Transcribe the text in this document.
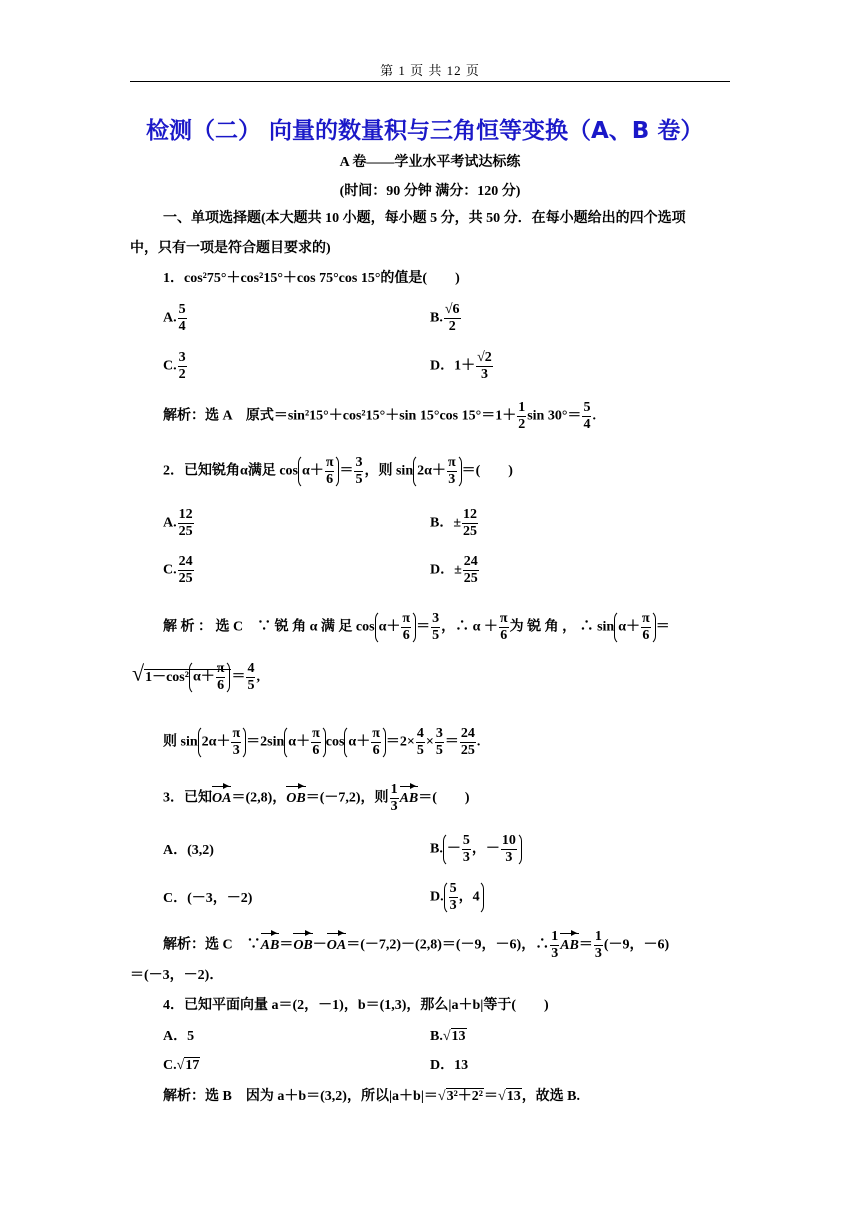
第 1 页 共 12 页
检测（二） 向量的数量积与三角恒等变换（A、B 卷）
A 卷——学业水平考试达标练
(时间：90 分钟 满分：120 分)
一、单项选择题(本大题共 10 小题，每小题 5 分，共 50 分．在每小题给出的四个选项
中，只有一项是符合题目要求的)
1．cos²75°＋cos²15°＋cos 75°cos 15°的值是(　　)
A. $\frac{5}{4}$	B. $\frac{√6}{2}$
C. $\frac{3}{2}$	D．$1+ \frac{√2}{3}$
解析：选 A　原式＝sin²15°＋cos²15°＋sin 15°cos $15^\circ=1+ \frac{1}{2}$ $\sin 30^\circ= \frac{5}{4}$ .
2．已知锐角α满足 $\cos \alpha+ \frac{\pi}{6} = \frac{3}{5}$ ，则 $\sin 2\alpha+ \frac{\pi}{3}$ ＝(　　)
A. $\frac{12}{25}$	B．± $\frac{12}{25}$
C. $\frac{24}{25}$	D．± $\frac{24}{25}$
解 析 ： 选 C　∵ 锐 角 α 满 足 $\cos \alpha+ \frac{\pi}{6} = \frac{3}{5}$ ，∴ $\alpha + \frac{\pi}{6}$ 为 锐 角 ， ∴ $\sin \alpha+ \frac{\pi}{6}$ ＝
√1－cos² $\alpha+ \frac{\pi}{6} = \frac{4}{5}$ ,
则 $\sin 2\alpha+ \frac{\pi}{3} =2\sin$ $\alpha+ \frac{\pi}{6}$ $\cos \alpha+ \frac{\pi}{6} =2\times \frac{4}{5} \times \frac{3}{5} = \frac{24}{25}$ .
3．已知OA＝(2,8)，OB＝(－7,2)，则 $\frac{1}{3} AB=$(　　)
A．(3,2)	B. － $\frac{5}{3}$ ，－ $\frac{10}{3}$
C．(－3，－2)	D. $\frac{5}{3}$ ，4
解析：选 C　∵AB＝OB－OA＝(－7,2)－(2,8)＝(－9，－6)，∴ $\frac{1}{3} AB= \frac{1}{3} (-9$，－6)
＝(－3，－2)．
4．已知平面向量 a＝(2，－1)，b＝(1,3)，那么|a＋b|等于(　　)
A．5	B.√13
C.√17	D．13
解析：选 B　因为 a＋b＝(3,2)，所以|a＋b|＝√3²＋2²＝√13，故选 B.
